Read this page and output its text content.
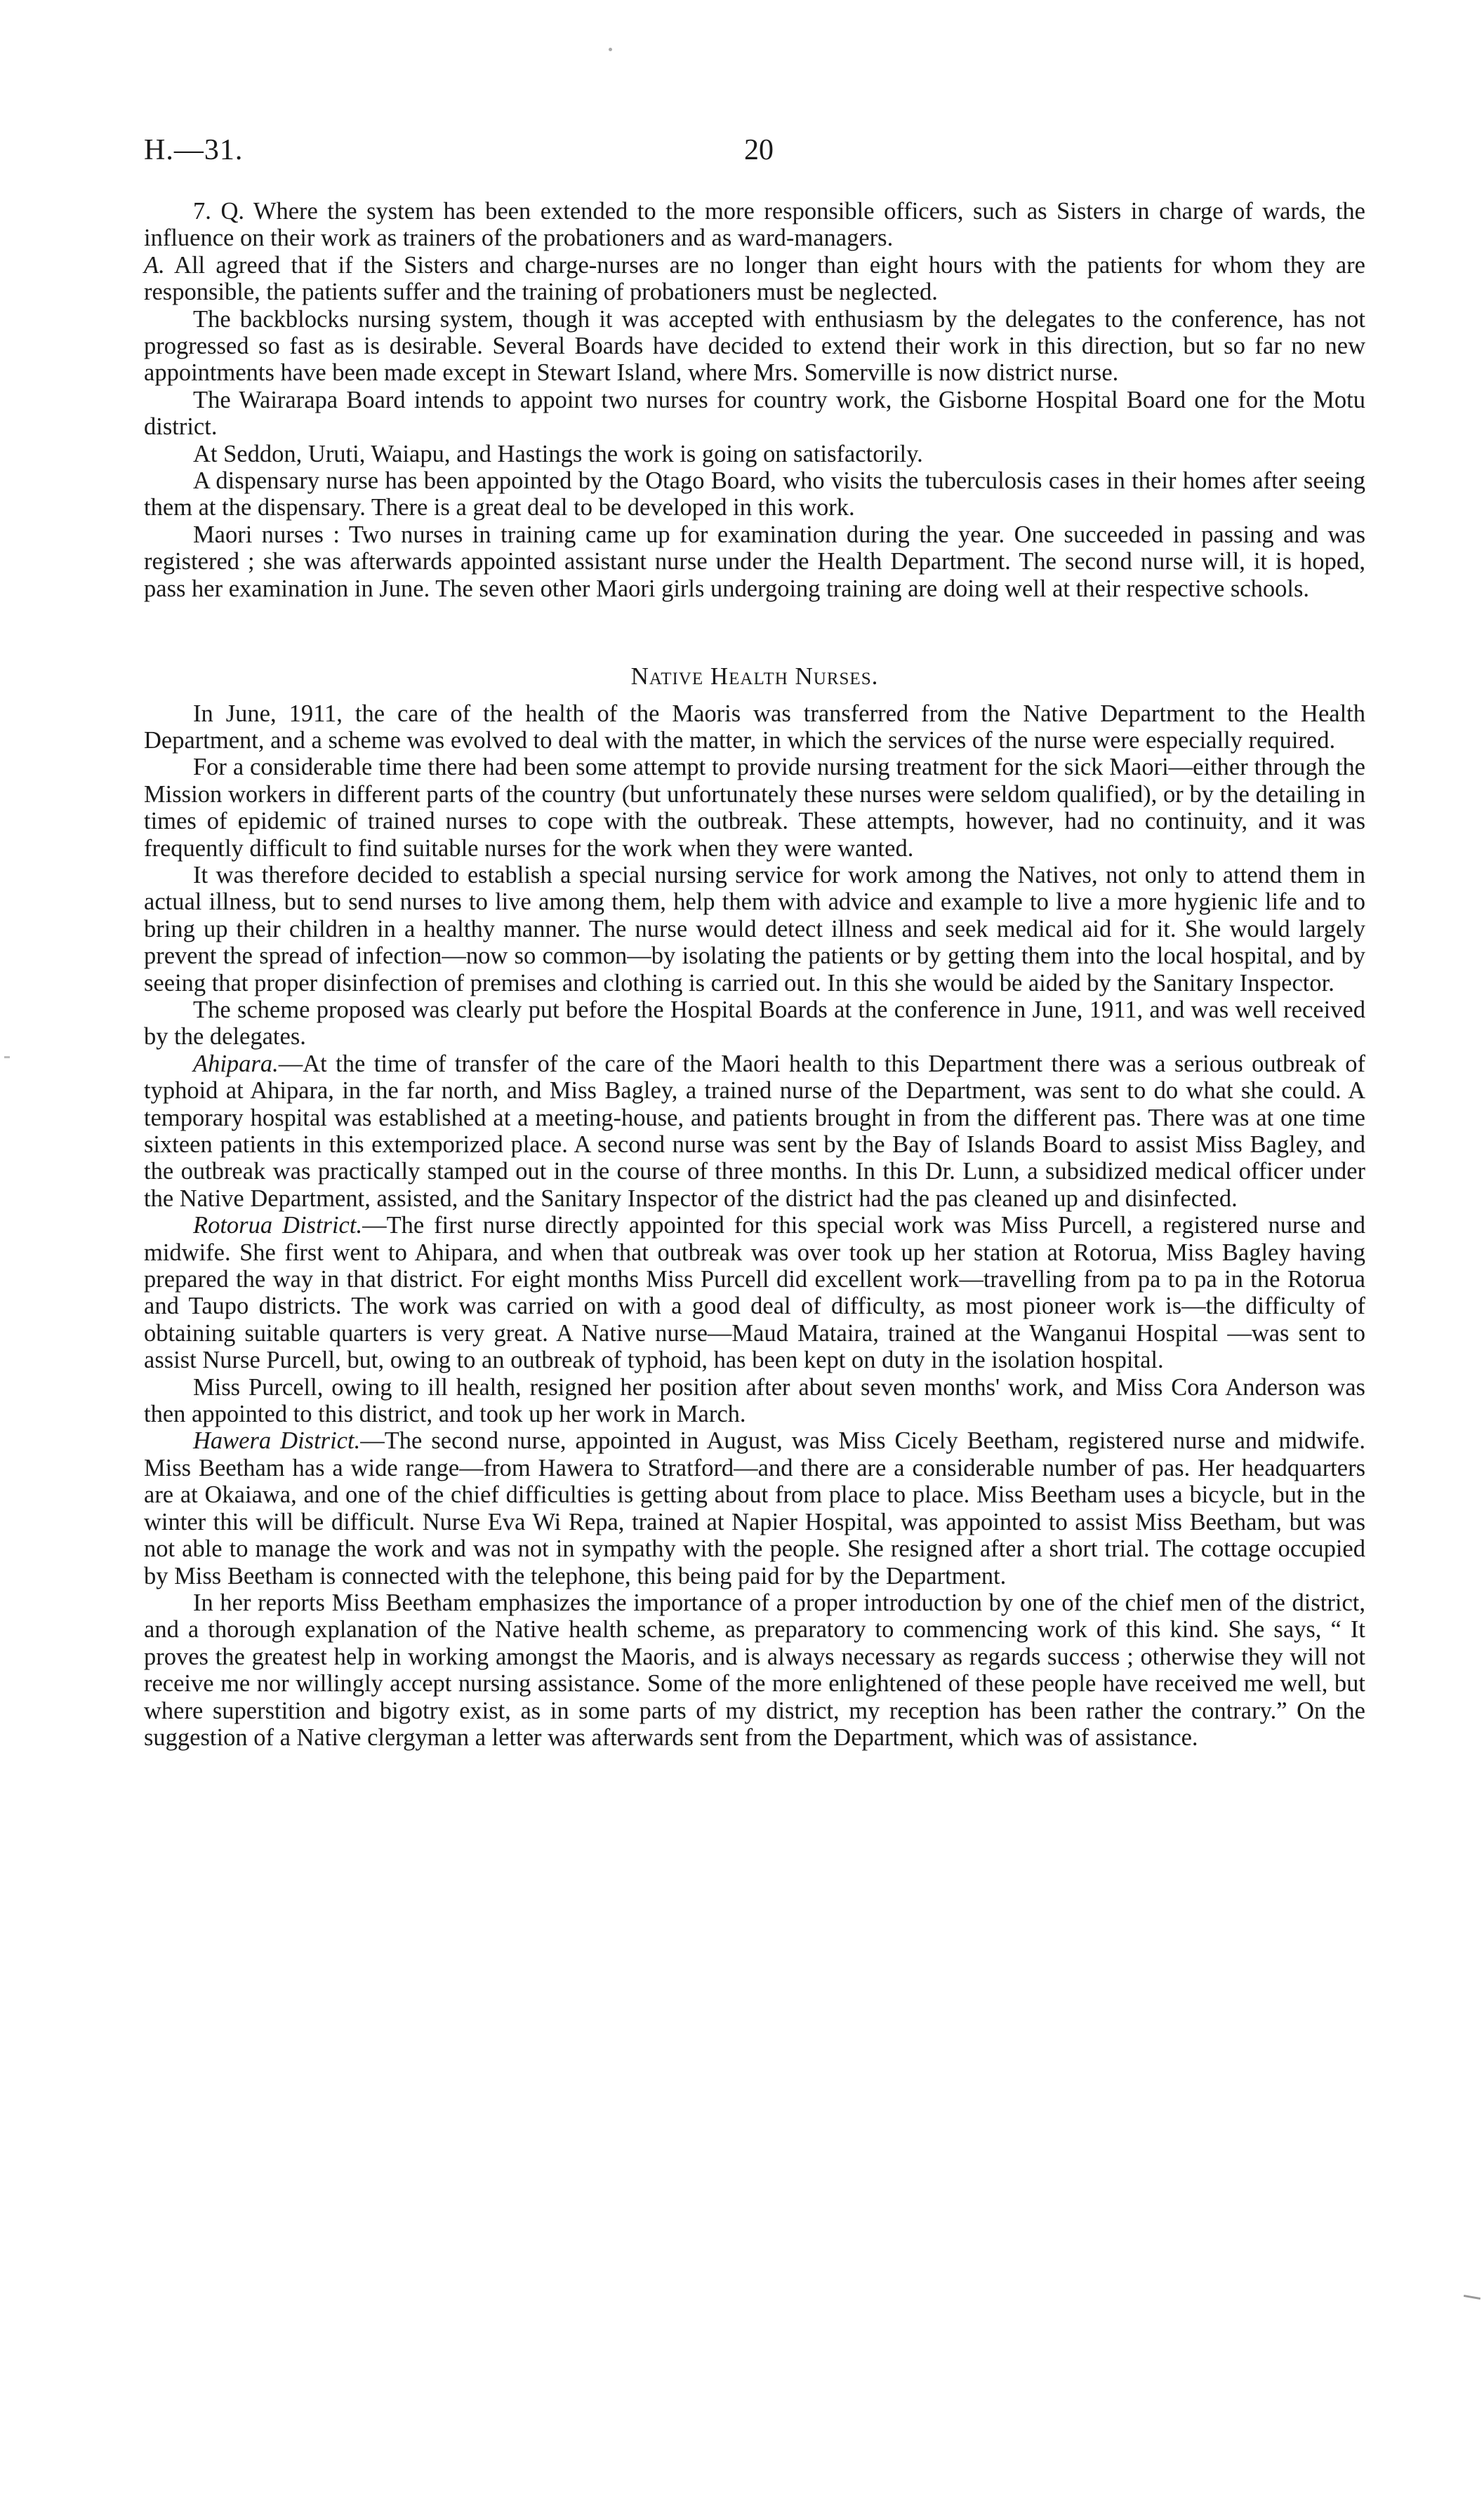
H.—31.	20

7. Q. Where the system has been extended to the more responsible officers, such as Sisters in charge of wards, the influence on their work as trainers of the probationers and as ward-managers.
A. All agreed that if the Sisters and charge-nurses are no longer than eight hours with the patients for whom they are responsible, the patients suffer and the training of probationers must be neglected.

The backblocks nursing system, though it was accepted with enthusiasm by the delegates to the conference, has not progressed so fast as is desirable. Several Boards have decided to extend their work in this direction, but so far no new appointments have been made except in Stewart Island, where Mrs. Somerville is now district nurse.

The Wairarapa Board intends to appoint two nurses for country work, the Gisborne Hospital Board one for the Motu district.

At Seddon, Uruti, Waiapu, and Hastings the work is going on satisfactorily.

A dispensary nurse has been appointed by the Otago Board, who visits the tuberculosis cases in their homes after seeing them at the dispensary. There is a great deal to be developed in this work.

Maori nurses : Two nurses in training came up for examination during the year. One succeeded in passing and was registered ; she was afterwards appointed assistant nurse under the Health Department. The second nurse will, it is hoped, pass her examination in June. The seven other Maori girls undergoing training are doing well at their respective schools.

Native Health Nurses.

In June, 1911, the care of the health of the Maoris was transferred from the Native Department to the Health Department, and a scheme was evolved to deal with the matter, in which the services of the nurse were especially required.

For a considerable time there had been some attempt to provide nursing treatment for the sick Maori—either through the Mission workers in different parts of the country (but unfortunately these nurses were seldom qualified), or by the detailing in times of epidemic of trained nurses to cope with the outbreak. These attempts, however, had no continuity, and it was frequently difficult to find suitable nurses for the work when they were wanted.

It was therefore decided to establish a special nursing service for work among the Natives, not only to attend them in actual illness, but to send nurses to live among them, help them with advice and example to live a more hygienic life and to bring up their children in a healthy manner. The nurse would detect illness and seek medical aid for it. She would largely prevent the spread of infection—now so common—by isolating the patients or by getting them into the local hospital, and by seeing that proper disinfection of premises and clothing is carried out. In this she would be aided by the Sanitary Inspector.

The scheme proposed was clearly put before the Hospital Boards at the conference in June, 1911, and was well received by the delegates.

Ahipara.—At the time of transfer of the care of the Maori health to this Department there was a serious outbreak of typhoid at Ahipara, in the far north, and Miss Bagley, a trained nurse of the Department, was sent to do what she could. A temporary hospital was established at a meeting-house, and patients brought in from the different pas. There was at one time sixteen patients in this extemporized place. A second nurse was sent by the Bay of Islands Board to assist Miss Bagley, and the outbreak was practically stamped out in the course of three months. In this Dr. Lunn, a subsidized medical officer under the Native Department, assisted, and the Sanitary Inspector of the district had the pas cleaned up and disinfected.

Rotorua District.—The first nurse directly appointed for this special work was Miss Purcell, a registered nurse and midwife. She first went to Ahipara, and when that outbreak was over took up her station at Rotorua, Miss Bagley having prepared the way in that district. For eight months Miss Purcell did excellent work—travelling from pa to pa in the Rotorua and Taupo districts. The work was carried on with a good deal of difficulty, as most pioneer work is—the difficulty of obtaining suitable quarters is very great. A Native nurse—Maud Mataira, trained at the Wanganui Hospital —was sent to assist Nurse Purcell, but, owing to an outbreak of typhoid, has been kept on duty in the isolation hospital.

Miss Purcell, owing to ill health, resigned her position after about seven months' work, and Miss Cora Anderson was then appointed to this district, and took up her work in March.

Hawera District.—The second nurse, appointed in August, was Miss Cicely Beetham, registered nurse and midwife. Miss Beetham has a wide range—from Hawera to Stratford—and there are a considerable number of pas. Her headquarters are at Okaiawa, and one of the chief difficulties is getting about from place to place. Miss Beetham uses a bicycle, but in the winter this will be difficult. Nurse Eva Wi Repa, trained at Napier Hospital, was appointed to assist Miss Beetham, but was not able to manage the work and was not in sympathy with the people. She resigned after a short trial. The cottage occupied by Miss Beetham is connected with the telephone, this being paid for by the Department.

In her reports Miss Beetham emphasizes the importance of a proper introduction by one of the chief men of the district, and a thorough explanation of the Native health scheme, as preparatory to commencing work of this kind. She says, “ It proves the greatest help in working amongst the Maoris, and is always necessary as regards success ; otherwise they will not receive me nor willingly accept nursing assistance. Some of the more enlightened of these people have received me well, but where superstition and bigotry exist, as in some parts of my district, my reception has been rather the contrary.” On the suggestion of a Native clergyman a letter was afterwards sent from the Department, which was of assistance.
